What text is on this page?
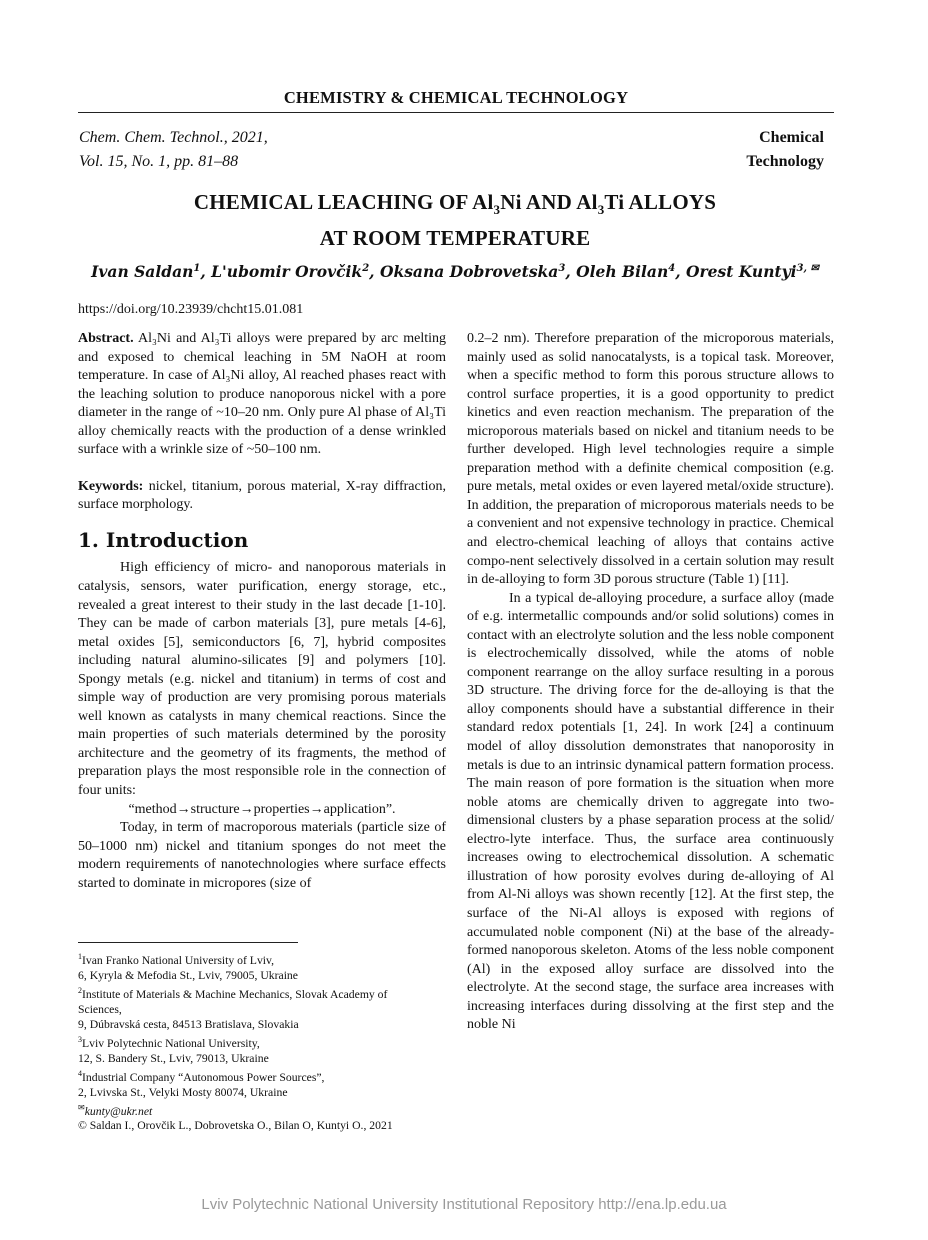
CHEMISTRY & CHEMICAL TECHNOLOGY
Chem. Chem. Technol., 2021,
Vol. 15, No. 1, pp. 81‒88
Chemical
Technology
CHEMICAL LEACHING OF $Al_3Ni$ AND $Al_3Ti$ ALLOYS
AT ROOM TEMPERATURE
Ivan Saldan$^1$, L'ubomir Orovčik$^2$, Oksana Dobrovetska$^3$, Oleh Bilan$^4$, Orest Kuntyi$^{3,}$ ✉
https://doi.org/10.23939/chcht15.01.081

Abstract. Al₃Ni and Al₃Ti alloys were prepared by arc melting and exposed to chemical leaching in 5M NaOH at room temperature. In case of Al₃Ni alloy, Al reached phases react with the leaching solution to produce nanoporous nickel with a pore diameter in the range of ~10–20 nm. Only pure Al phase of Al₃Ti alloy chemically reacts with the production of a dense wrinkled surface with a wrinkle size of ~50–100 nm.

Keywords: nickel, titanium, porous material, X-ray diffraction, surface morphology.

1. Introduction

High efficiency of micro- and nanoporous materials in catalysis, sensors, water purification, energy storage, etc., revealed a great interest to their study in the last decade [1-10]. They can be made of carbon materials [3], pure metals [4-6], metal oxides [5], semiconductors [6, 7], hybrid composites including natural alumino-silicates [9] and polymers [10]. Spongy metals (e.g. nickel and titanium) in terms of cost and simple way of production are very promising porous materials well known as catalysts in many chemical reactions. Since the main properties of such materials determined by the porosity architecture and the geometry of its fragments, the method of preparation plays the most responsible role in the connection of four units:

“method→structure→properties→application”.

Today, in term of macroporous materials (particle size of 50–1000 nm) nickel and titanium sponges do not meet the modern requirements of nanotechnologies where surface effects started to dominate in micropores (size of

0.2–2 nm). Therefore preparation of the microporous materials, mainly used as solid nanocatalysts, is a topical task. Moreover, when a specific method to form this porous structure allows to control surface properties, it is a good opportunity to predict kinetics and even reaction mechanism. The preparation of the microporous materials based on nickel and titanium needs to be further developed. High level technologies require a simple preparation method with a definite chemical composition (e.g. pure metals, metal oxides or even layered metal/oxide structure). In addition, the preparation of microporous materials needs to be a convenient and not expensive technology in practice. Chemical and electro-chemical leaching of alloys that contains active compo-nent selectively dissolved in a certain solution may result in de-alloying to form 3D porous structure (Table 1) [11].

In a typical de-alloying procedure, a surface alloy (made of e.g. intermetallic compounds and/or solid solutions) comes in contact with an electrolyte solution and the less noble component is electrochemically dissolved, while the atoms of noble component rearrange on the alloy surface resulting in a porous 3D structure. The driving force for the de-alloying is that the alloy components should have a substantial difference in their standard redox potentials [1, 24]. In work [24] a continuum model of alloy dissolution demonstrates that nanoporosity in metals is due to an intrinsic dynamical pattern formation process. The main reason of pore formation is the situation when more noble atoms are chemically driven to aggregate into two-dimensional clusters by a phase separation process at the solid/ electro-lyte interface. Thus, the surface area continuously increases owing to electrochemical dissolution. A schematic illustration of how porosity evolves during de-alloying of Al from Al-Ni alloys was shown recently [12]. At the first step, the surface of the Ni-Al alloys is exposed with regions of accumulated noble component (Ni) at the base of the already-formed nanoporous skeleton. Atoms of the less noble component (Al) in the exposed alloy surface are dissolved into the electrolyte. At the second stage, the surface area increases with increasing interfaces during dissolving at the first step and the noble Ni

$^1$Ivan Franko National University of Lviv,
6, Kyryla & Mefodia St., Lviv, 79005, Ukraine
$^2$Institute of Materials & Machine Mechanics, Slovak Academy of
Sciences,
9, Dúbravská cesta, 84513 Bratislava, Slovakia
$^3$Lviv Polytechnic National University,
12, S. Bandery St., Lviv, 79013, Ukraine
$^4$Industrial Company “Autonomous Power Sources”,
2, Lvivska St., Velyki Mosty 80074, Ukraine
✉kunty@ukr.net
© Saldan I., Orovčik L., Dobrovetska O., Bilan O, Kuntyi O., 2021
Lviv Polytechnic National University Institutional Repository http://ena.lp.edu.ua
